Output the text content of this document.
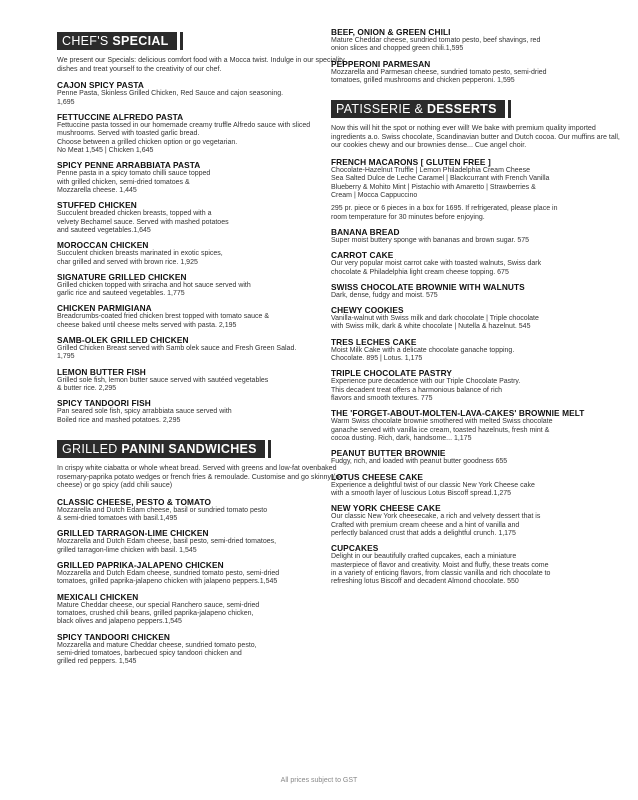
CHEF'S SPECIAL

We present our Specials: delicious comfort food with a Mocca twist. Indulge in our speciality dishes and treat yourself to the creativity of our chef.

CAJON SPICY PASTA

Penne Pasta, Skinless Grilled Chicken, Red Sauce and cajon seasoning.
1,695

FETTUCCINE ALFREDO PASTA

Fettuccine pasta tossed in our homemade creamy truffle Alfredo sauce with sliced mushrooms. Served with toasted garlic bread.
Choose between a grilled chicken option or go vegetarian.
No Meat 1,545 | Chicken 1,645

SPICY PENNE ARRABBIATA PASTA

Penne pasta in a spicy tomato chilli sauce topped
with grilled chicken, semi-dried tomatoes &
Mozzarella cheese. 1,445

STUFFED CHICKEN

Succulent breaded chicken breasts, topped with a
velvety Bechamel sauce. Served with mashed potatoes
and sauteed vegetables.1,645

MOROCCAN CHICKEN

Succulent chicken breasts marinated in exotic spices,
char grilled and served with brown rice. 1,925

SIGNATURE GRILLED CHICKEN

Grilled chicken topped with sriracha and hot sauce served with
garlic rice and sauteed vegetables. 1,775

CHICKEN PARMIGIANA

Breadcrumbs-coated fried chicken brest topped with tomato sauce &
cheese baked until cheese melts served with pasta. 2,195

SAMB-OLEK GRILLED CHICKEN

Grilled Chicken Breast served with Samb olek sauce and Fresh Green Salad.
1,795

LEMON BUTTER FISH

Grilled sole fish, lemon butter sauce served with sautéed vegetables
& butter rice. 2,295

SPICY TANDOORI FISH

Pan seared sole fish, spicy arrabbiata sauce served with
Boiled rice and mashed potatoes. 2,295

GRILLED PANINI SANDWICHES

In crispy white ciabatta or whole wheat bread. Served with greens and low-fat ovenbaked rosemary-paprika potato wedges or french fries & remoulade. Customise and go skinny (no cheese) or go spicy (add chili sauce)

CLASSIC CHEESE, PESTO & TOMATO

Mozzarella and Dutch Edam cheese, basil or sundried tomato pesto
& semi-dried tomatoes with basil.1,495

GRILLED TARRAGON-LIME CHICKEN

Mozzarella and Dutch Edam cheese, basil pesto, semi-dried tomatoes,
grilled tarragon-lime chicken with basil. 1,545

GRILLED PAPRIKA-JALAPENO CHICKEN

Mozzarella and Dutch Edam cheese, sundried tomato pesto, semi-dried
tomatoes, grilled paprika-jalapeno chicken with jalapeno peppers.1,545

MEXICALI CHICKEN

Mature Cheddar cheese, our special Ranchero sauce, semi-dried
tomatoes, crushed chili beans, grilled paprika-jalapeno chicken,
black olives and jalapeno peppers.1,545

SPICY TANDOORI CHICKEN

Mozzarella and mature Cheddar cheese, sundried tomato pesto,
semi-dried tomatoes, barbecued spicy tandoori chicken and
grilled red peppers. 1,545

BEEF, ONION & GREEN CHILI

Mature Cheddar cheese, sundried tomato pesto, beef shavings, red
onion slices and chopped green chili.1,595

PEPPERONI PARMESAN

Mozzarella and Parmesan cheese, sundried tomato pesto, semi-dried
tomatoes, grilled mushrooms and chicken pepperoni. 1,595

PATISSERIE & DESSERTS

Now this will hit the spot or nothing ever will! We bake with premium quality imported ingredients a.o. Swiss chocolate, Scandinavian butter and Dutch cocoa. Our muffins are tall, our cookies chewy and our brownies dense... Cue angel choir.

FRENCH MACARONS [ GLUTEN FREE ]

Chocolate-Hazelnut Truffle | Lemon Philadelphia Cream Cheese
Sea Salted Dulce de Leche Caramel | Blackcurrant with French Vanilla
Blueberry & Mohito Mint | Pistachio with Amaretto | Strawberries &
Cream | Mocca Cappuccino

295 pr. piece or 6 pieces in a box for 1695. If refrigerated, please place in
room temperature for 30 minutes before enjoying.

BANANA BREAD

Super moist buttery sponge with bananas and brown sugar. 575

CARROT CAKE

Our very popular moist carrot cake with toasted walnuts, Swiss dark
chocolate & Philadelphia light cream cheese topping. 675

SWISS CHOCOLATE BROWNIE WITH WALNUTS

Dark, dense, fudgy and moist. 575

CHEWY COOKIES

Vanilla-walnut with Swiss milk and dark chocolate | Triple chocolate
with Swiss milk, dark & white chocolate | Nutella & hazelnut. 545

TRES LECHES CAKE

Moist Milk Cake with a delicate chocolate ganache topping.
Chocolate. 895 | Lotus. 1,175

TRIPLE CHOCOLATE PASTRY

Experience pure decadence with our Triple Chocolate Pastry.
This decadent treat offers a harmonious balance of rich
flavors and smooth textures. 775

THE 'FORGET-ABOUT-MOLTEN-LAVA-CAKES' BROWNIE MELT

Warm Swiss chocolate brownie smothered with melted Swiss chocolate
ganache served with vanilla ice cream, toasted hazelnuts, fresh mint &
cocoa dusting. Rich, dark, handsome... 1,175

PEANUT BUTTER BROWNIE

Fudgy, rich, and loaded with peanut butter goodness 655

LOTUS CHEESE CAKE

Experience a delightful twist of our classic New York Cheese cake
with a smooth layer of luscious Lotus Biscoff spread.1,275

NEW YORK CHEESE CAKE

Our classic New York cheesecake, a rich and velvety dessert that is
Crafted with premium cream cheese and a hint of vanilla and
perfectly balanced crust that adds a delightful crunch. 1,175

CUPCAKES

Delight in our beautifully crafted cupcakes, each a miniature
masterpiece of flavor and creativity. Moist and fluffy, these treats come
in a variety of enticing flavors, from classic vanilla and rich chocolate to
refreshing lotus Biscoff and decadent Almond chocolate. 550

All prices subject to GST
